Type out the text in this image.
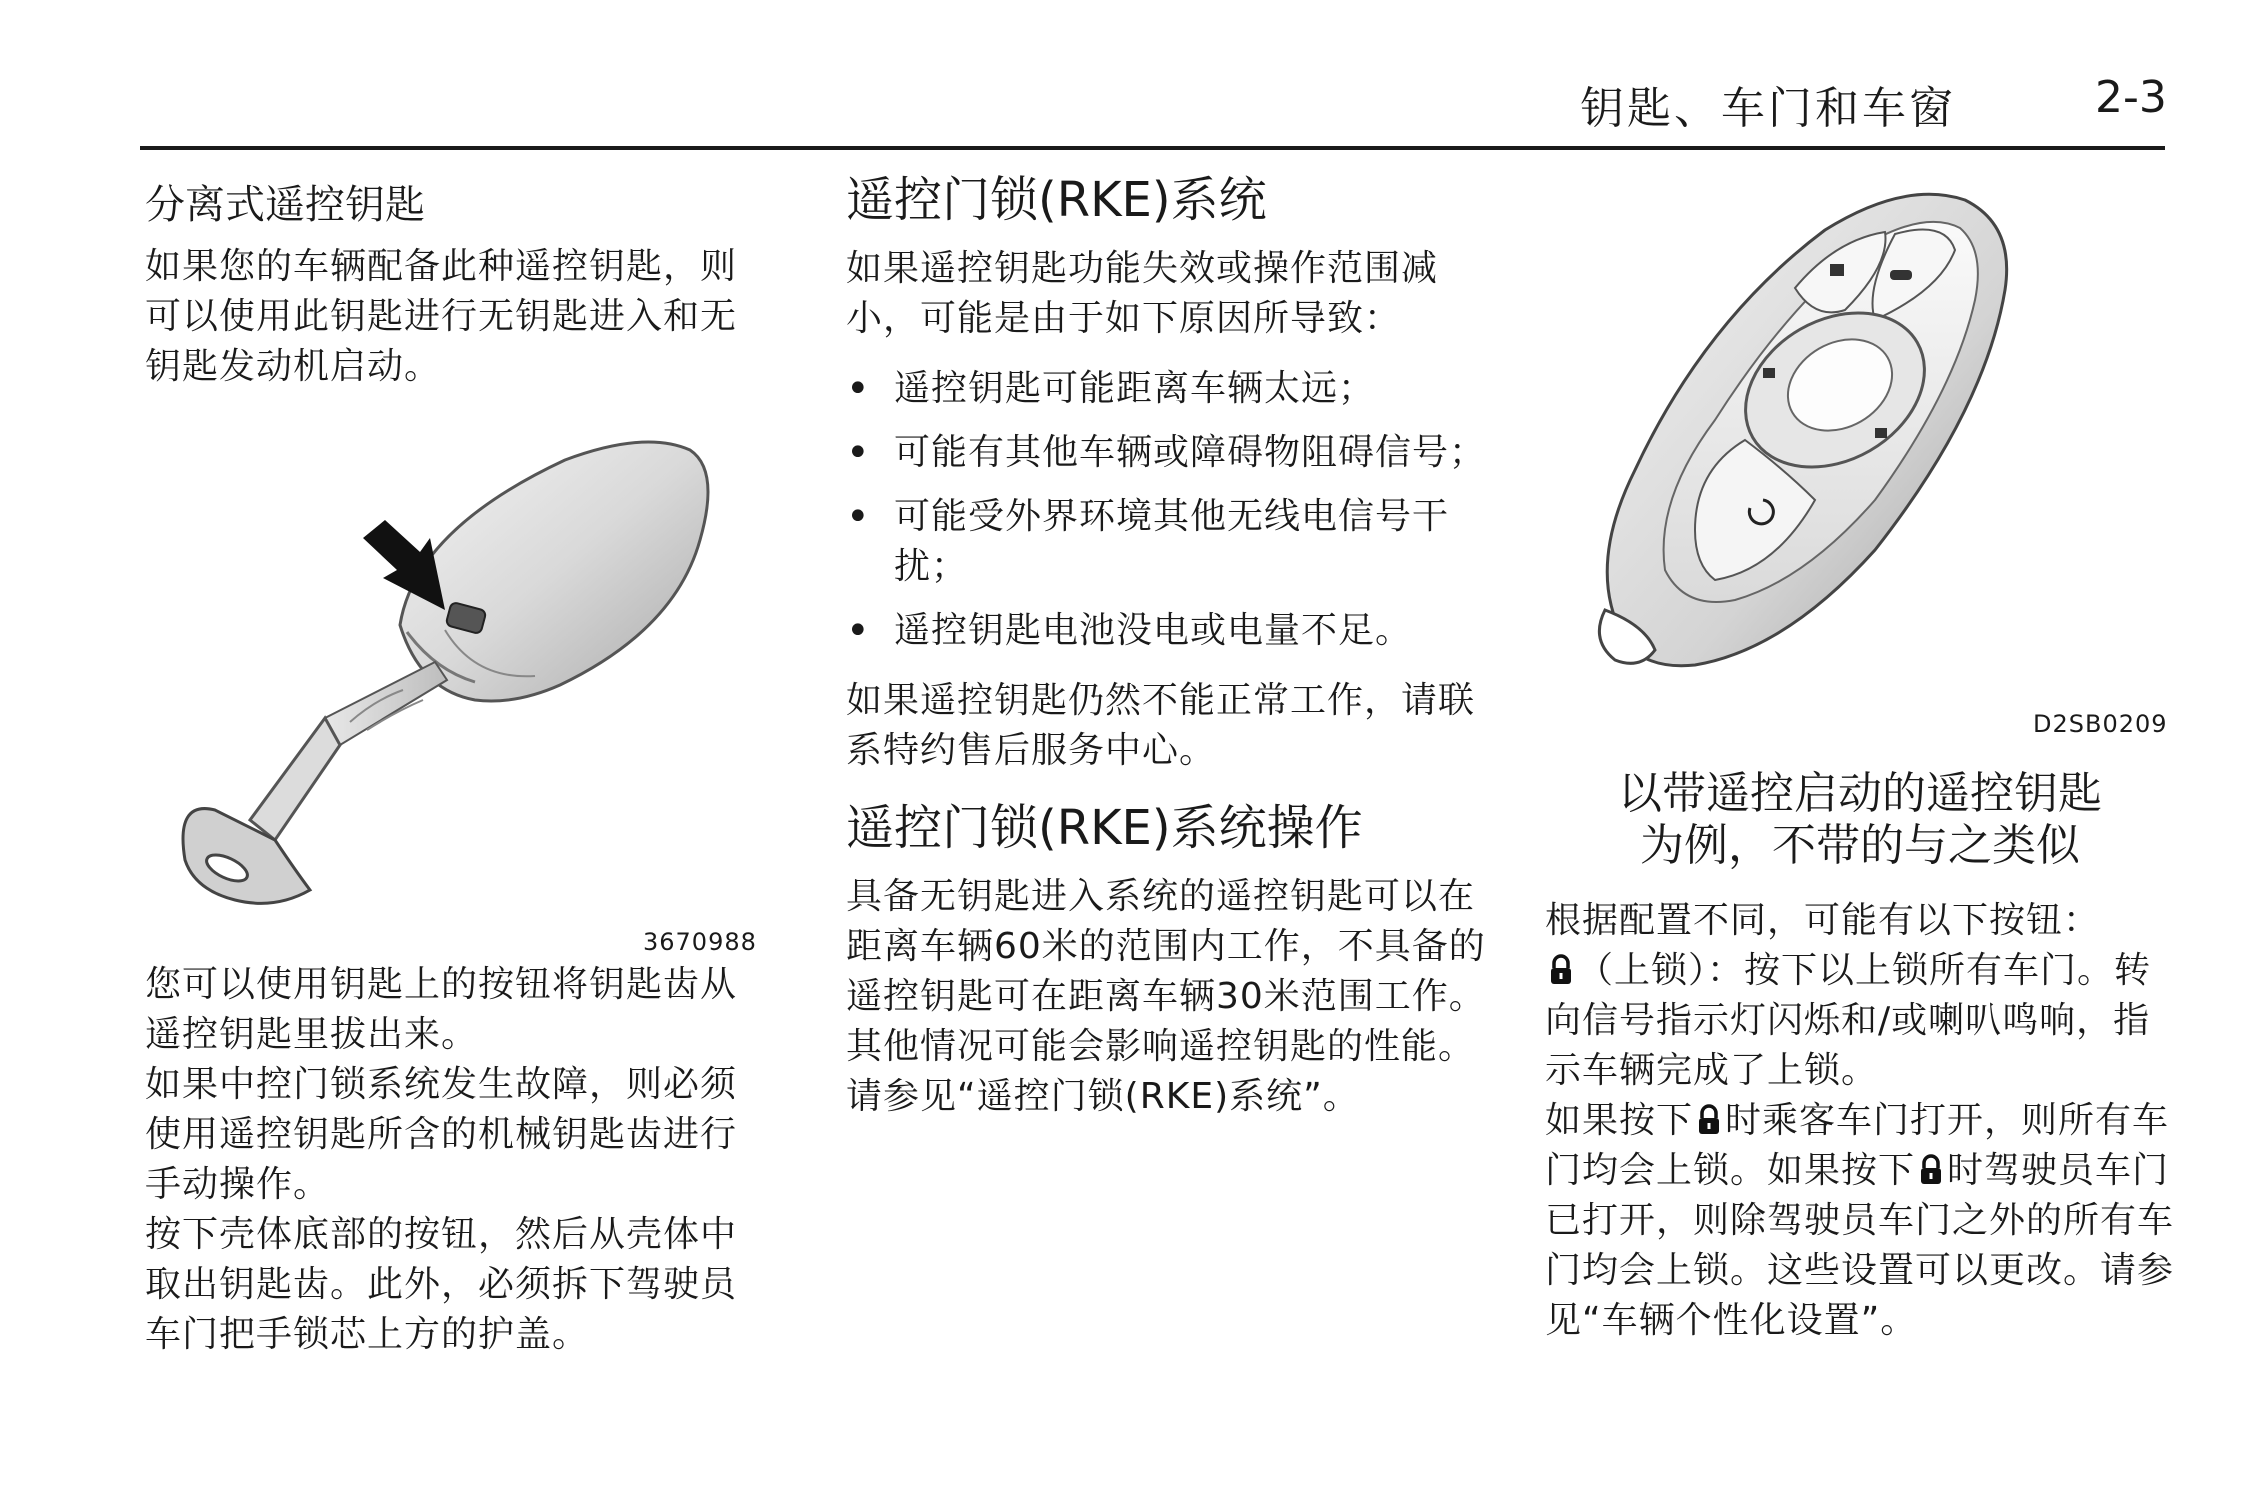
钥匙、车门和车窗	2-3
分离式遥控钥匙

如果您的车辆配备此种遥控钥匙，则可以使用此钥匙进行无钥匙进入和无钥匙发动机启动。

3670988

您可以使用钥匙上的按钮将钥匙齿从遥控钥匙里拔出来。

如果中控门锁系统发生故障，则必须使用遥控钥匙所含的机械钥匙齿进行手动操作。

按下壳体底部的按钮，然后从壳体中取出钥匙齿。此外，必须拆下驾驶员车门把手锁芯上方的护盖。

遥控门锁(RKE)系统

如果遥控钥匙功能失效或操作范围减小，可能是由于如下原因所导致：

• 遥控钥匙可能距离车辆太远；
• 可能有其他车辆或障碍物阻碍信号；
• 可能受外界环境其他无线电信号干扰；
• 遥控钥匙电池没电或电量不足。

如果遥控钥匙仍然不能正常工作，请联系特约售后服务中心。

遥控门锁(RKE)系统操作

具备无钥匙进入系统的遥控钥匙可以在距离车辆60米的范围内工作，不具备的遥控钥匙可在距离车辆30米范围工作。

其他情况可能会影响遥控钥匙的性能。请参见“遥控门锁(RKE)系统”。

D2SB0209
以带遥控启动的遥控钥匙
为例，不带的与之类似

根据配置不同，可能有以下按钮：

（上锁）：按下以上锁所有车门。转向信号指示灯闪烁和/或喇叭鸣响，指示车辆完成了上锁。

如果按下 时乘客车门打开，则所有车门均会上锁。如果按下 时驾驶员车门已打开，则除驾驶员车门之外的所有车门均会上锁。这些设置可以更改。请参见“车辆个性化设置”。
